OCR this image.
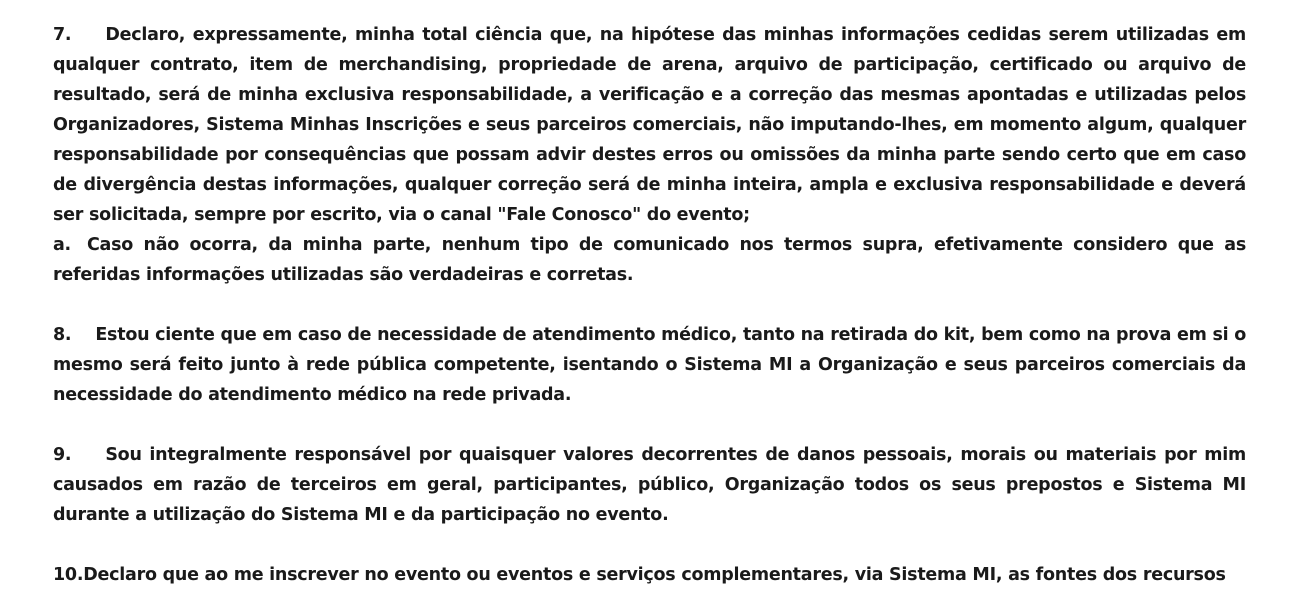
7. Declaro, expressamente, minha total ciência que, na hipótese das minhas informações cedidas serem utilizadas em qualquer contrato, item de merchandising, propriedade de arena, arquivo de participação, certificado ou arquivo de resultado, será de minha exclusiva responsabilidade, a verificação e a correção das mesmas apontadas e utilizadas pelos Organizadores, Sistema Minhas Inscrições e seus parceiros comerciais, não imputando-lhes, em momento algum, qualquer responsabilidade por consequências que possam advir destes erros ou omissões da minha parte sendo certo que em caso de divergência destas informações, qualquer correção será de minha inteira, ampla e exclusiva responsabilidade e deverá ser solicitada, sempre por escrito, via o canal "Fale Conosco" do evento;

a. Caso não ocorra, da minha parte, nenhum tipo de comunicado nos termos supra, efetivamente considero que as referidas informações utilizadas são verdadeiras e corretas.

8. Estou ciente que em caso de necessidade de atendimento médico, tanto na retirada do kit, bem como na prova em si o mesmo será feito junto à rede pública competente, isentando o Sistema MI a Organização e seus parceiros comerciais da necessidade do atendimento médico na rede privada.

9. Sou integralmente responsável por quaisquer valores decorrentes de danos pessoais, morais ou materiais por mim causados em razão de terceiros em geral, participantes, público, Organização todos os seus prepostos e Sistema MI durante a utilização do Sistema MI e da participação no evento.

10.Declaro que ao me inscrever no evento ou eventos e serviços complementares, via Sistema MI, as fontes dos recursos
